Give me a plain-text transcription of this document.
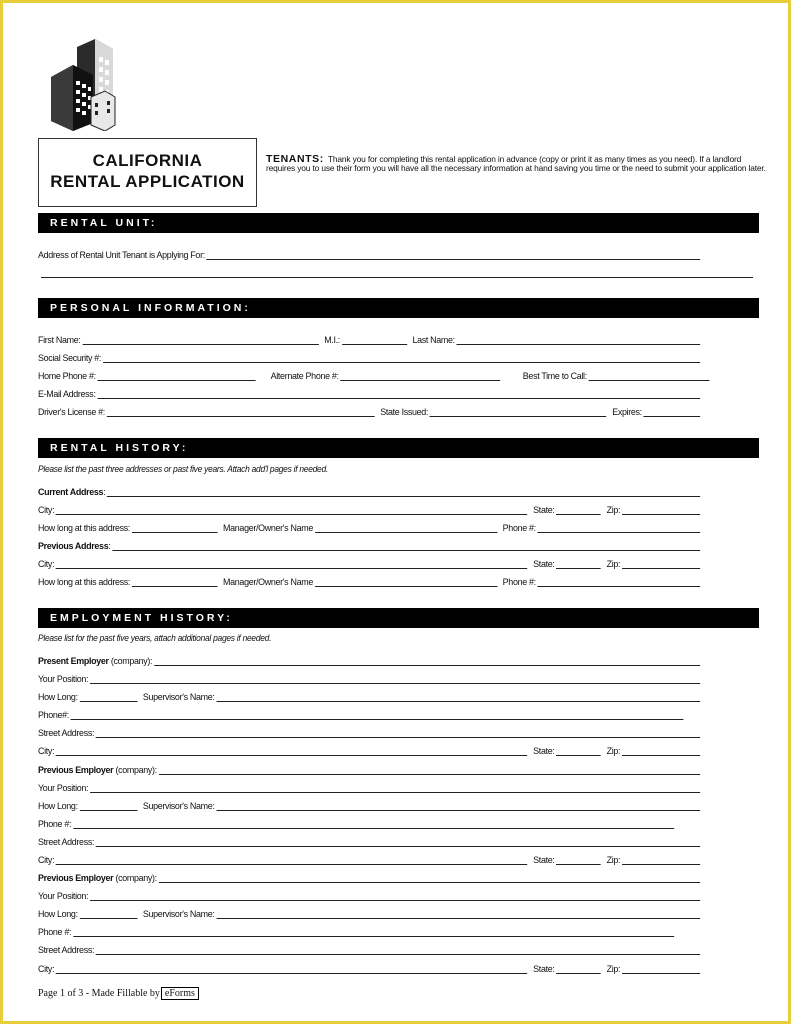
CALIFORNIA
RENTAL APPLICATION
TENANTS: Thank you for completing this rental application in advance (copy or print it as many times as you need). If a landlord requires you to use their form you will have all the necessary information at hand saving you time or the need to submit your application later.
RENTAL UNIT:
Address of Rental Unit Tenant is Applying For:
PERSONAL INFORMATION:
First Name:	M.I.:	Last Name:
Social Security #:
Home Phone #:	Alternate Phone #:	Best Time to Call:
E-Mail Address:
Driver's License #:	State Issued:	Expires:
RENTAL HISTORY:
Please list the past three addresses or past five years. Attach add'l pages if needed.
Current Address:
City:	State:	Zip:
How long at this address:	Manager/Owner's Name	Phone #:
Previous Address:
City:	State:	Zip:
How long at this address:	Manager/Owner's Name	Phone #:
EMPLOYMENT HISTORY:
Please list for the past five years, attach additional pages if needed.
Present Employer (company):
Your Position:
How Long:	Supervisor's Name:
Phone#:
Street Address:
City:	State:	Zip:
Previous Employer (company):
Your Position:
How Long:	Supervisor's Name:
Phone #:
Street Address:
City:	State:	Zip:
Previous Employer (company):
Your Position:
How Long:	Supervisor's Name:
Phone #:
Street Address:
City:	State:	Zip:
Page 1 of 3 - Made Fillable by eForms
